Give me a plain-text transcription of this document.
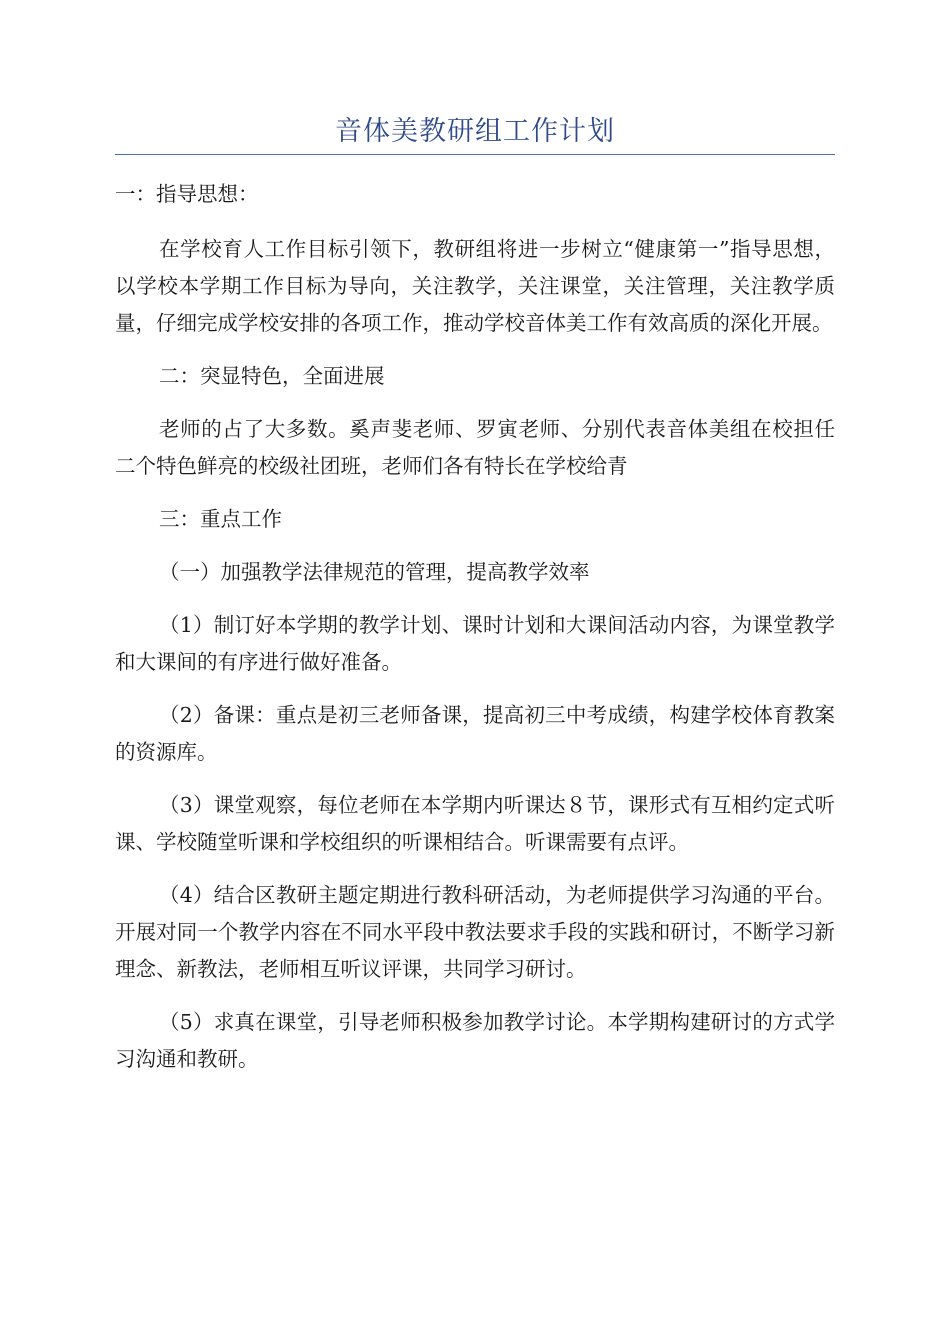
音体美教研组工作计划

一：指导思想：

在学校育人工作目标引领下，教研组将进一步树立“健康第一”指导思想，以学校本学期工作目标为导向，关注教学，关注课堂，关注管理，关注教学质量，仔细完成学校安排的各项工作，推动学校音体美工作有效高质的深化开展。

二：突显特色，全面进展

老师的占了大多数。奚声斐老师、罗寅老师、分别代表音体美组在校担任二个特色鲜亮的校级社团班，老师们各有特长在学校给青

三：重点工作

（一）加强教学法律规范的管理，提高教学效率

（1）制订好本学期的教学计划、课时计划和大课间活动内容，为课堂教学和大课间的有序进行做好准备。

（2）备课：重点是初三老师备课，提高初三中考成绩，构建学校体育教案的资源库。

（3）课堂观察，每位老师在本学期内听课达８节，课形式有互相约定式听课、学校随堂听课和学校组织的听课相结合。听课需要有点评。

（4）结合区教研主题定期进行教科研活动，为老师提供学习沟通的平台。开展对同一个教学内容在不同水平段中教法要求手段的实践和研讨，不断学习新理念、新教法，老师相互听议评课，共同学习研讨。

（5）求真在课堂，引导老师积极参加教学讨论。本学期构建研讨的方式学习沟通和教研。
